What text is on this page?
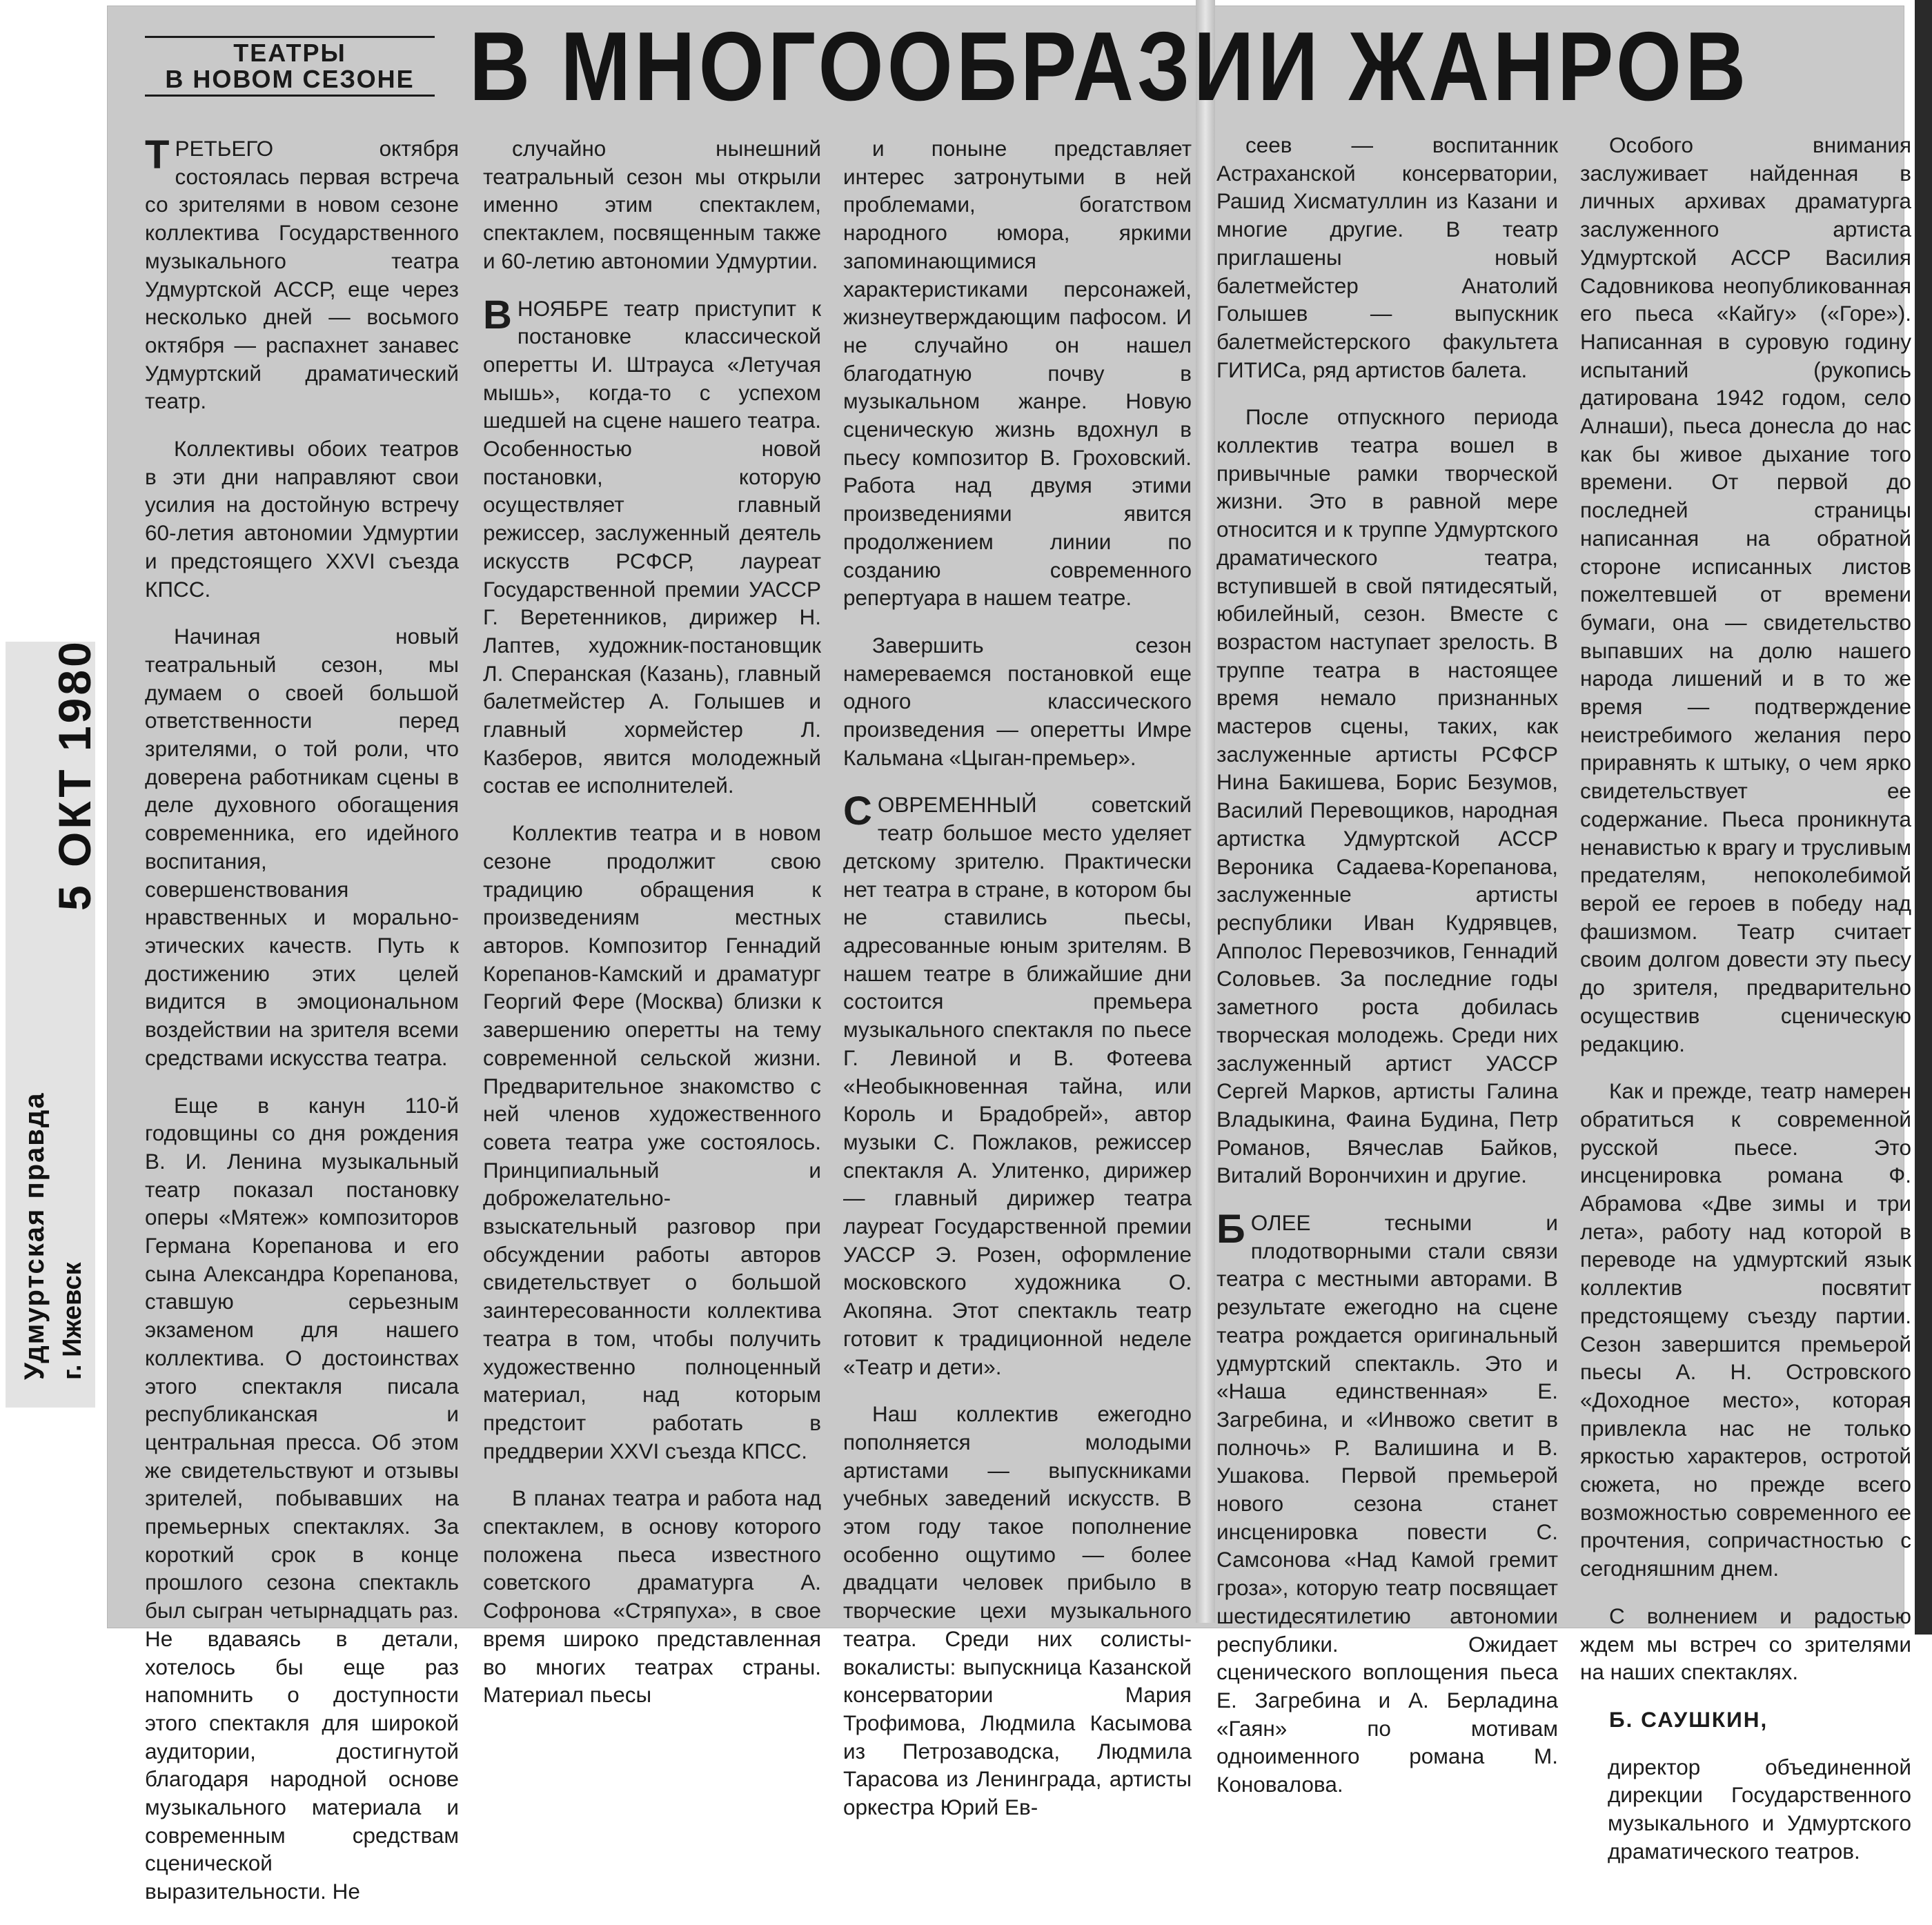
Удмуртская правда г. Ижевск
5 ОКТ 1980
ТЕАТРЫ
В НОВОМ СЕЗОНЕ В МНОГООБРАЗИИ ЖАНРОВ

ТРЕТЬЕГО октября состоялась первая встреча со зрителями в новом сезоне коллектива Государственного музыкального театра Удмуртской АССР, еще через несколько дней — восьмого октября — распахнет занавес Удмуртский драматический театр.

Коллективы обоих театров в эти дни направляют свои усилия на достойную встречу 60-летия автономии Удмуртии и предстоящего XXVI съезда КПСС.

Начиная новый театральный сезон, мы думаем о своей большой ответственности перед зрителями, о той роли, что доверена работникам сцены в деле духовного обогащения современника, его идейного воспитания, совершенствования нравственных и морально-этических качеств. Путь к достижению этих целей видится в эмоциональном воздействии на зрителя всеми средствами искусства театра.

Еще в канун 110-й годовщины со дня рождения В. И. Ленина музыкальный театр показал постановку оперы «Мятеж» композиторов Германа Корепанова и его сына Александра Корепанова, ставшую серьезным экзаменом для нашего коллектива. О достоинствах этого спектакля писала республиканская и центральная пресса. Об этом же свидетельствуют и отзывы зрителей, побывавших на премьерных спектаклях. За короткий срок в конце прошлого сезона спектакль был сыгран четырнадцать раз. Не вдаваясь в детали, хотелось бы еще раз напомнить о доступности этого спектакля для широкой аудитории, достигнутой благодаря народной основе музыкального материала и современным средствам сценической выразительности. Не

случайно нынешний театральный сезон мы открыли именно этим спектаклем, спектаклем, посвященным также и 60-летию автономии Удмуртии.

ВНОЯБРЕ театр приступит к постановке классической оперетты И. Штрауса «Летучая мышь», когда-то с успехом шедшей на сцене нашего театра. Особенностью новой постановки, которую осуществляет главный режиссер, заслуженный деятель искусств РСФСР, лауреат Государственной премии УАССР Г. Веретенников, дирижер Н. Лаптев, художник-постановщик Л. Сперанская (Казань), главный балетмейстер А. Голышев и главный хормейстер Л. Казберов, явится молодежный состав ее исполнителей.

Коллектив театра и в новом сезоне продолжит свою традицию обращения к произведениям местных авторов. Композитор Геннадий Корепанов-Камский и драматург Георгий Фере (Москва) близки к завершению оперетты на тему современной сельской жизни. Предварительное знакомство с ней членов художественного совета театра уже состоялось. Принципиальный и доброжелательно-взыскательный разговор при обсуждении работы авторов свидетельствует о большой заинтересованности коллектива театра в том, чтобы получить художественно полноценный материал, над которым предстоит работать в преддверии XXVI съезда КПСС.

В планах театра и работа над спектаклем, в основу которого положена пьеса известного советского драматурга А. Софронова «Стряпуха», в свое время широко представленная во многих театрах страны. Материал пьесы

и поныне представляет интерес затронутыми в ней проблемами, богатством народного юмора, яркими запоминающимися характеристиками персонажей, жизнеутверждающим пафосом. И не случайно он нашел благодатную почву в музыкальном жанре. Новую сценическую жизнь вдохнул в пьесу композитор В. Гроховский. Работа над двумя этими произведениями явится продолжением линии по созданию современного репертуара в нашем театре.

Завершить сезон намереваемся постановкой еще одного классического произведения — оперетты Имре Кальмана «Цыган-премьер».

СОВРЕМЕННЫЙ советский театр большое место уделяет детскому зрителю. Практически нет театра в стране, в котором бы не ставились пьесы, адресованные юным зрителям. В нашем театре в ближайшие дни состоится премьера музыкального спектакля по пьесе Г. Левиной и В. Фотеева «Необыкновенная тайна, или Король и Брадобрей», автор музыки С. Пожлаков, режиссер спектакля А. Улитенко, дирижер — главный дирижер театра лауреат Государственной премии УАССР Э. Розен, оформление московского художника О. Акопяна. Этот спектакль театр готовит к традиционной неделе «Театр и дети».

Наш коллектив ежегодно пополняется молодыми артистами — выпускниками учебных заведений искусств. В этом году такое пополнение особенно ощутимо — более двадцати человек прибыло в творческие цехи музыкального театра. Среди них солисты-вокалисты: выпускница Казанской консерватории Мария Трофимова, Людмила Касымова из Петрозаводска, Людмила Тарасова из Ленинграда, артисты оркестра Юрий Ев-

сеев — воспитанник Астраханской консерватории, Рашид Хисматуллин из Казани и многие другие. В театр приглашены новый балетмейстер Анатолий Голышев — выпускник балетмейстерского факультета ГИТИСа, ряд артистов балета.

После отпускного периода коллектив театра вошел в привычные рамки творческой жизни. Это в равной мере относится и к труппе Удмуртского драматического театра, вступившей в свой пятидесятый, юбилейный, сезон. Вместе с возрастом наступает зрелость. В труппе театра в настоящее время немало признанных мастеров сцены, таких, как заслуженные артисты РСФСР Нина Бакишева, Борис Безумов, Василий Перевощиков, народная артистка Удмуртской АССР Вероника Садаева-Корепанова, заслуженные артисты республики Иван Кудрявцев, Апполос Перевозчиков, Геннадий Соловьев. За последние годы заметного роста добилась творческая молодежь. Среди них заслуженный артист УАССР Сергей Марков, артисты Галина Владыкина, Фаина Будина, Петр Романов, Вячеслав Байков, Виталий Ворончихин и другие.

БОЛЕЕ тесными и плодотворными стали связи театра с местными авторами. В результате ежегодно на сцене театра рождается оригинальный удмуртский спектакль. Это и «Наша единственная» Е. Загребина, и «Инвожо светит в полночь» Р. Валишина и В. Ушакова. Первой премьерой нового сезона станет инсценировка повести С. Самсонова «Над Камой гремит гроза», которую театр посвящает шестидесятилетию автономии республики. Ожидает сценического воплощения пьеса Е. Загребина и А. Берладина «Гаян» по мотивам одноименного романа М. Коновалова.

Особого внимания заслуживает найденная в личных архивах драматурга заслуженного артиста Удмуртской АССР Василия Садовникова неопубликованная его пьеса «Кайгу» («Горе»). Написанная в суровую годину испытаний (рукопись датирована 1942 годом, село Алнаши), пьеса донесла до нас как бы живое дыхание того времени. От первой до последней страницы написанная на обратной стороне исписанных листов пожелтевшей от времени бумаги, она — свидетельство выпавших на долю нашего народа лишений и в то же время — подтверждение неистребимого желания перо приравнять к штыку, о чем ярко свидетельствует ее содержание. Пьеса проникнута ненавистью к врагу и трусливым предателям, непоколебимой верой ее героев в победу над фашизмом. Театр считает своим долгом довести эту пьесу до зрителя, предварительно осуществив сценическую редакцию.

Как и прежде, театр намерен обратиться к современной русской пьесе. Это инсценировка романа Ф. Абрамова «Две зимы и три лета», работу над которой в переводе на удмуртский язык коллектив посвятит предстоящему съезду партии. Сезон завершится премьерой пьесы А. Н. Островского «Доходное место», которая привлекла нас не только яркостью характеров, остротой сюжета, но прежде всего возможностью современного ее прочтения, сопричастностью с сегодняшним днем.

С волнением и радостью ждем мы встреч со зрителями на наших спектаклях.

Б. САУШКИН,

директор объединенной дирекции Государственного музыкального и Удмуртского драматического театров.
